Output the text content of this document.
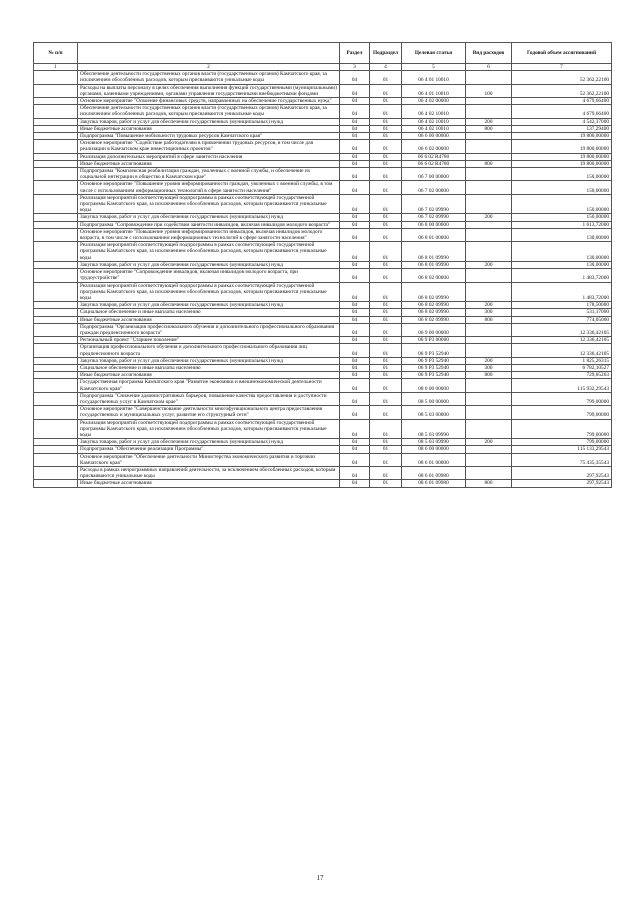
№ п/п		Раздел	Подраздел	Целевая статья	Вид расходов	Годовой объем ассигнований
1	2	3	4	5	6	7
	Обеспечение деятельности государственных органов власти (государственных органов) Камчатского края, за исключением обособленных расходов, которым присваиваются уникальные коды	04	01	06 4 01 10010		52 362,22100
	Расходы на выплаты персоналу в целях обеспечения выполнения функций государственными (муниципальными) органами, казенными учреждениями, органами управления государственными внебюджетными фондами	04	01	06 4 01 10010	100	52 362,22100
	Основное мероприятие "Освоение финансовых средств, направленных на обеспечение государственных нужд"	04	01	06 4 02 00000		4 679,66400
	Обеспечение деятельности государственных органов власти (государственных органов) Камчатского края, за исключением обособленных расходов, которым присваиваются уникальные коды	04	01	06 4 02 10010		4 679,66400
	Закупка товаров, работ и услуг для обеспечения государственных (муниципальных) нужд	04	01	06 4 02 10010	200	4 542,37000
	Иные бюджетные ассигнования	04	01	06 4 02 10010	800	137,29400
	Подпрограмма "Повышение мобильности трудовых ресурсов Камчатского края"	04	01	06 6 00 00000		19 800,00000
	Основное мероприятие "Содействие работодателям в привлечении трудовых ресурсов, в том числе для реализации в Камчатском крае инвестиционных проектов"	04	01	06 6 02 00000		19 800,00000
	Реализация дополнительных мероприятий в сфере занятости населения	04	01	06 6 02 R4780		19 800,00000
	Иные бюджетные ассигнования	04	01	06 6 02 R4780	800	19 800,00000
	Подпрограмма "Комплексная реабилитация граждан, уволенных с военной службы, и обеспечение их социальной интеграции в общество в Камчатском крае"	04	01	06 7 00 00000		150,00000
	Основное мероприятие "Повышение уровня информированности граждан, уволенных с военной службы, в том числе с использованием информационных технологий в сфере занятости населения"	04	01	06 7 02 00000		150,00000
	Реализация мероприятий соответствующей подпрограммы в рамках соответствующей государственной программы Камчатского края, за исключением обособленных расходов, которым присваиваются уникальные коды	04	01	06 7 02 09990		150,00000
	Закупка товаров, работ и услуг для обеспечения государственных (муниципальных) нужд	04	01	06 7 02 09990	200	150,00000
	Подпрограмма "Сопровождение при содействии занятости инвалидов, включая инвалидов молодого возраста"	04	01	06 8 00 00000		1 613,72000
	Основное мероприятие "Повышение уровня информированности инвалидов, включая инвалидов молодого возраста, в том числе с использованием информационных технологий в сфере занятости населения"	04	01	06 8 01 00000		130,00000
	Реализация мероприятий соответствующей подпрограммы в рамках соответствующей государственной программы Камчатского края, за исключением обособленных расходов, которым присваиваются уникальные коды	04	01	06 8 01 09990		130,00000
	Закупка товаров, работ и услуг для обеспечения государственных (муниципальных) нужд	04	01	06 8 01 09990	200	130,00000
	Основное мероприятие "Сопровождение инвалидов, включая инвалидов молодого возраста, при трудоустройстве"	04	01	06 8 02 00000		1 483,72000
	Реализация мероприятий соответствующей подпрограммы в рамках соответствующей государственной программы Камчатского края, за исключением обособленных расходов, которым присваиваются уникальные коды	04	01	06 8 02 09990		1 483,72000
	Закупка товаров, работ и услуг для обеспечения государственных (муниципальных) нужд	04	01	06 8 02 09990	200	178,50000
	Социальное обеспечение и иные выплаты населению	04	01	06 8 02 09990	300	531,17000
	Иные бюджетные ассигнования	04	01	06 8 02 09990	800	774,05000
	Подпрограмма "Организация профессионального обучения и дополнительного профессионального образования граждан предпенсионного возраста"	04	01	06 9 00 00000		12 336,42105
	Региональный проект "Старшее поколение"	04	01	06 9 P3 00000		12 336,42105
	Организация профессионального обучения и дополнительного профессионального образования лиц предпенсионного возраста	04	01	06 9 P3 52940		12 336,42105
	Закупка товаров, работ и услуг для обеспечения государственных (муниципальных) нужд	04	01	06 9 P3 52940	200	1 825,26315
	Социальное обеспечение и иные выплаты населению	04	01	06 9 P3 52940	300	6 782,10527
	Иные бюджетные ассигнования	04	01	06 9 P3 52940	800	729,05263
	Государственная программа Камчатского края "Развитие экономики и внешнеэкономической деятельности Камчатского края"	04	01	08 0 00 00000		115 932,29543
	Подпрограмма "Снижение административных барьеров, повышение качества предоставления и доступности государственных услуг в Камчатском крае"	04	01	08 5 00 00000		799,00000
	Основное мероприятие "Совершенствование деятельности многофункционального центра предоставления государственных и муниципальных услуг, развитие его структурный сети"	04	01	08 5 03 00000		799,00000
	Реализация мероприятий соответствующей подпрограммы в рамках соответствующей государственной программы Камчатского края, за исключением обособленных расходов, которым присваиваются уникальные коды	04	01	08 5 03 09990		799,00000
	Закупка товаров, работ и услуг для обеспечения государственных (муниципальных) нужд	04	01	08 5 03 09990	200	799,00000
	Подпрограмма "Обеспечение реализации Программы"	04	01	08 6 00 00000		115 133,29543
	Основное мероприятие "Обеспечение деятельности Министерства экономического развития и торговли Камчатского края"	04	01	08 6 01 00000		75 435,35543
	Расходы в рамках непрограммных направлений деятельности, за исключением обособленных расходов, которым присваиваются уникальные коды	04	01	08 6 01 09980		297,92543
	Иные бюджетные ассигнования	04	01	08 6 01 09980	800	297,92543
17
